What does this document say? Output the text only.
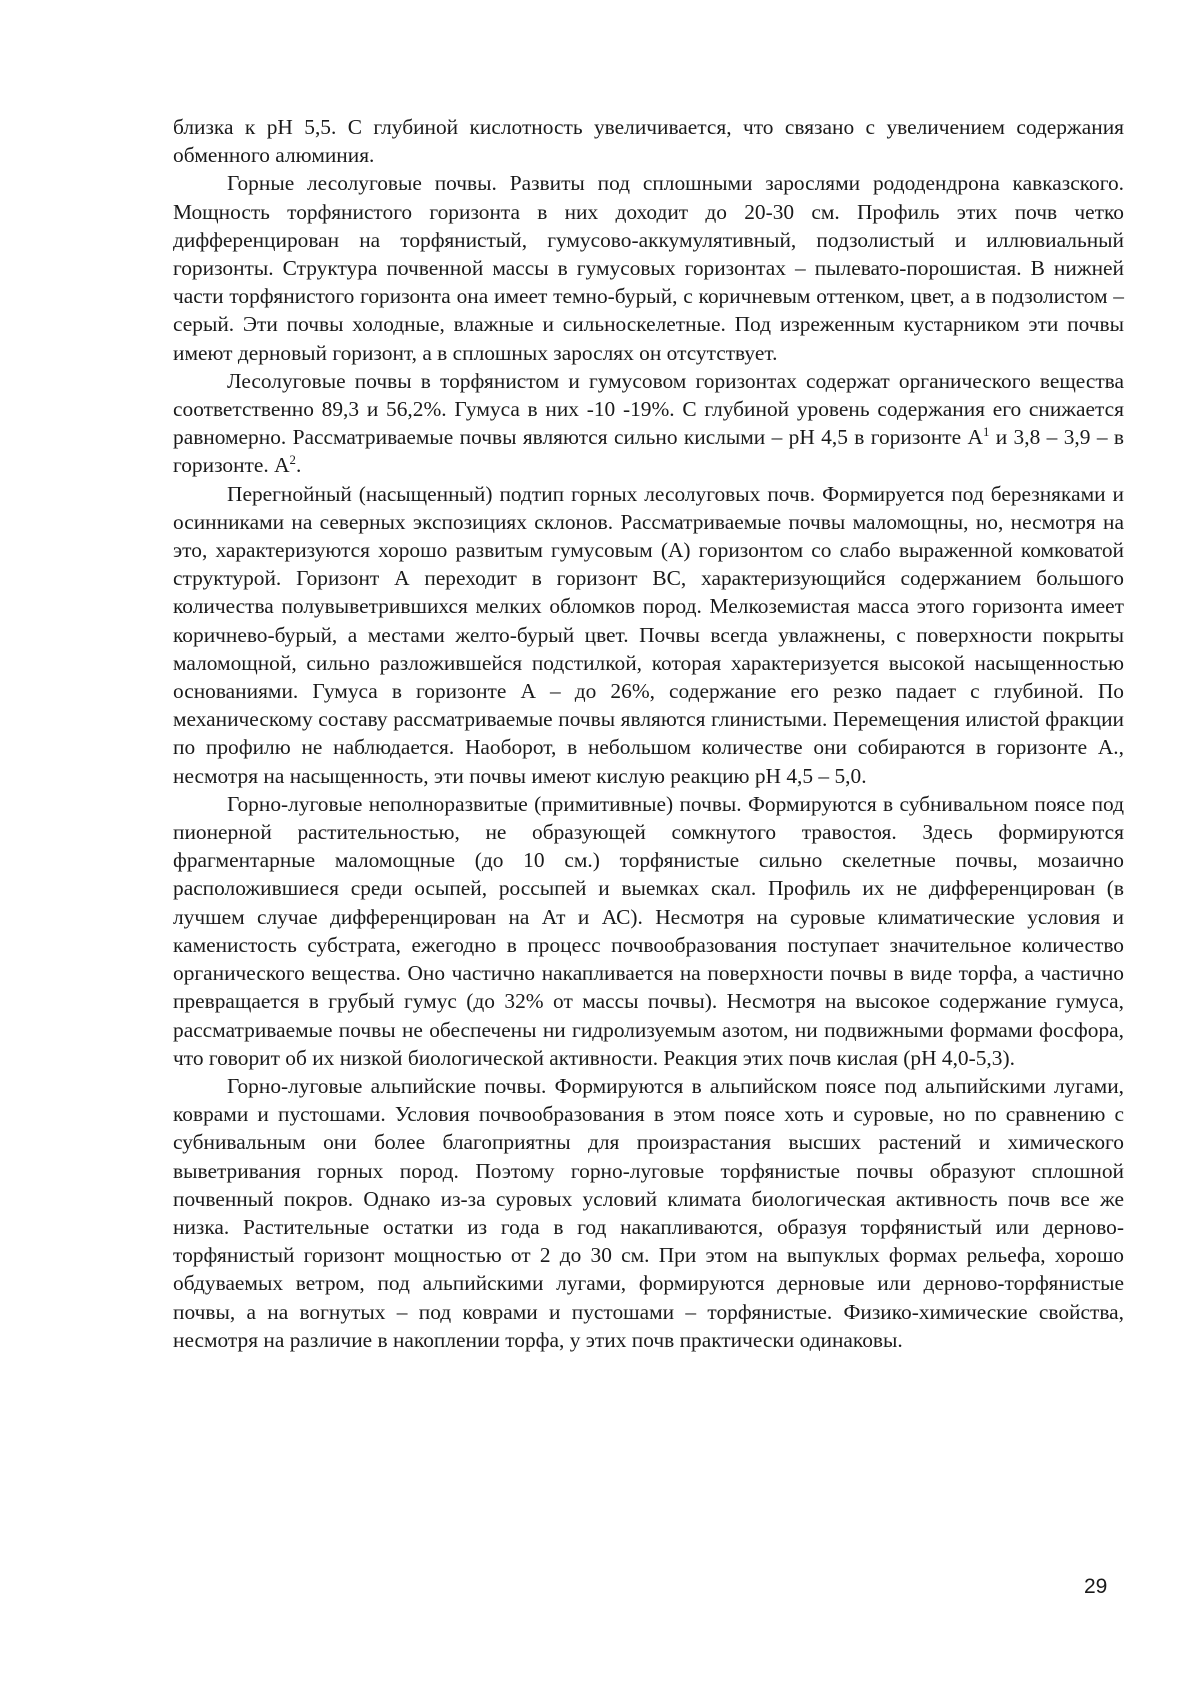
близка к рН 5,5. С глубиной кислотность увеличивается, что связано с увеличением содержания обменного алюминия.

Горные лесолуговые почвы. Развиты под сплошными зарослями рододендрона кавказского. Мощность торфянистого горизонта в них доходит до 20-30 см. Профиль этих почв четко дифференцирован на торфянистый, гумусово-аккумулятивный, подзолистый и иллювиальный горизонты. Структура почвенной массы в гумусовых горизонтах – пылевато-порошистая. В нижней части торфянистого горизонта она имеет темно-бурый, с коричневым оттенком, цвет, а в подзолистом – серый. Эти почвы холодные, влажные и сильноскелетные. Под изреженным кустарником эти почвы имеют дерновый горизонт, а в сплошных зарослях он отсутствует.

Лесолуговые почвы в торфянистом и гумусовом горизонтах содержат органического вещества соответственно 89,3 и 56,2%. Гумуса в них -10 -19%. С глубиной уровень содержания его снижается равномерно. Рассматриваемые почвы являются сильно кислыми – рН 4,5 в горизонте $А^1$ и 3,8 – 3,9 – в горизонте. $А^2$.

Перегнойный (насыщенный) подтип горных лесолуговых почв. Формируется под березняками и осинниками на северных экспозициях склонов. Рассматриваемые почвы маломощны, но, несмотря на это, характеризуются хорошо развитым гумусовым (А) горизонтом со слабо выраженной комковатой структурой. Горизонт А переходит в горизонт ВС, характеризующийся содержанием большого количества полувыветрившихся мелких обломков пород. Мелкоземистая масса этого горизонта имеет коричнево-бурый, а местами желто-бурый цвет. Почвы всегда увлажнены, с поверхности покрыты маломощной, сильно разложившейся подстилкой, которая характеризуется высокой насыщенностью основаниями. Гумуса в горизонте А – до 26%, содержание его резко падает с глубиной. По механическому составу рассматриваемые почвы являются глинистыми. Перемещения илистой фракции по профилю не наблюдается. Наоборот, в небольшом количестве они собираются в горизонте А., несмотря на насыщенность, эти почвы имеют кислую реакцию рН 4,5 – 5,0.

Горно-луговые неполноразвитые (примитивные) почвы. Формируются в субнивальном поясе под пионерной растительностью, не образующей сомкнутого травостоя. Здесь формируются фрагментарные маломощные (до 10 см.) торфянистые сильно скелетные почвы, мозаично расположившиеся среди осыпей, россыпей и выемках скал. Профиль их не дифференцирован (в лучшем случае дифференцирован на Ат и АС). Несмотря на суровые климатические условия и каменистость субстрата, ежегодно в процесс почвообразования поступает значительное количество органического вещества. Оно частично накапливается на поверхности почвы в виде торфа, а частично превращается в грубый гумус (до 32% от массы почвы). Несмотря на высокое содержание гумуса, рассматриваемые почвы не обеспечены ни гидролизуемым азотом, ни подвижными формами фосфора, что говорит об их низкой биологической активности. Реакция этих почв кислая (рН 4,0-5,3).

Горно-луговые альпийские почвы. Формируются в альпийском поясе под альпийскими лугами, коврами и пустошами. Условия почвообразования в этом поясе хоть и суровые, но по сравнению с субнивальным они более благоприятны для произрастания высших растений и химического выветривания горных пород. Поэтому горно-луговые торфянистые почвы образуют сплошной почвенный покров. Однако из-за суровых условий климата биологическая активность почв все же низка. Растительные остатки из года в год накапливаются, образуя торфянистый или дерново-торфянистый горизонт мощностью от 2 до 30 см. При этом на выпуклых формах рельефа, хорошо обдуваемых ветром, под альпийскими лугами, формируются дерновые или дерново-торфянистые почвы, а на вогнутых – под коврами и пустошами – торфянистые. Физико-химические свойства, несмотря на различие в накоплении торфа, у этих почв практически одинаковы.

29
